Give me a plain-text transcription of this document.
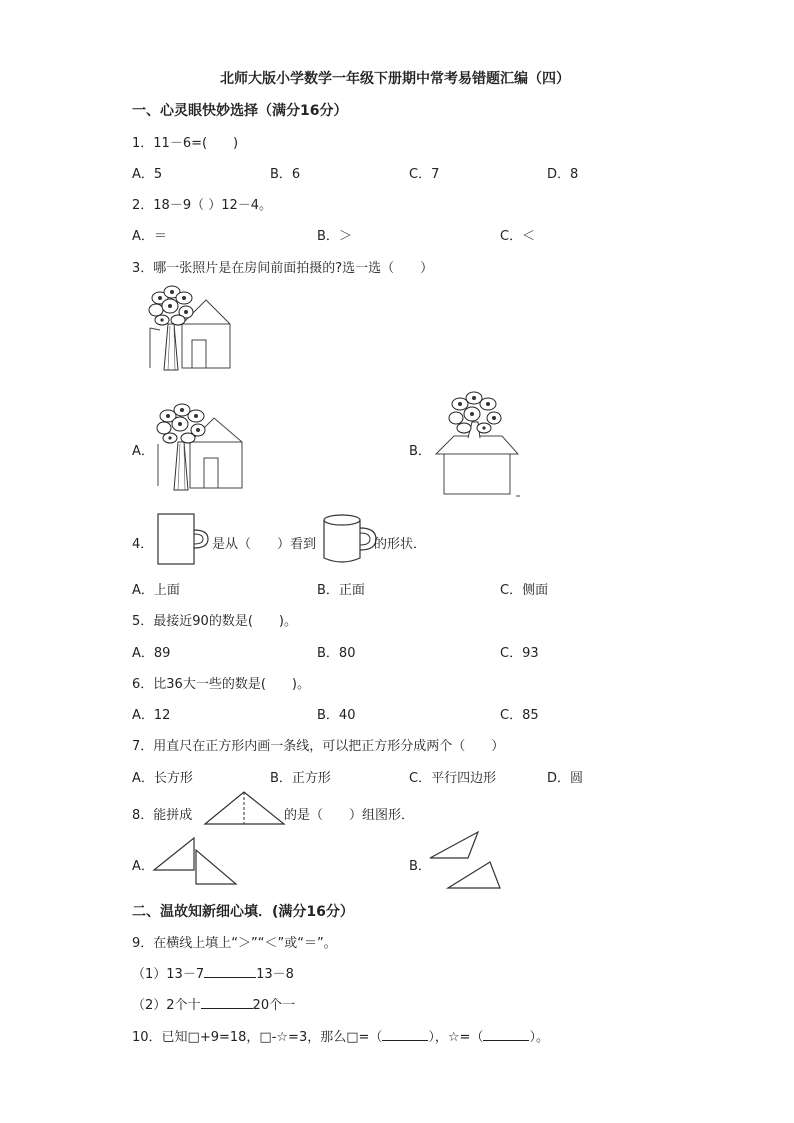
北师大版小学数学一年级下册期中常考易错题汇编（四）
一、心灵眼快妙选择（满分16分）
1．11－6=(　　)
A．5	B．6	C．7	D．8
2．18－9（ ）12－4。
A．＝	B．＞	C．＜
3．哪一张照片是在房间前面拍摄的?选一选（　　）
A．	B．
4．	是从（　　）看到	的形状．
A．上面	B．正面	C．侧面
5．最接近90的数是(　　)。
A．89	B．80	C．93
6．比36大一些的数是(　　)。
A．12	B．40	C．85
7．用直尺在正方形内画一条线，可以把正方形分成两个（　　）
A．长方形	B．正方形	C．平行四边形	D．圆
8．能拼成	的是（　　）组图形．
A．	B．
二、温故知新细心填．(满分16分）
9．在横线上填上“＞”“＜”或“＝”。
（1）13－7	13－8
（2）2个十	20个一
10．已知□+9=18，□-☆=3，那么□=（	），☆=（	）。
